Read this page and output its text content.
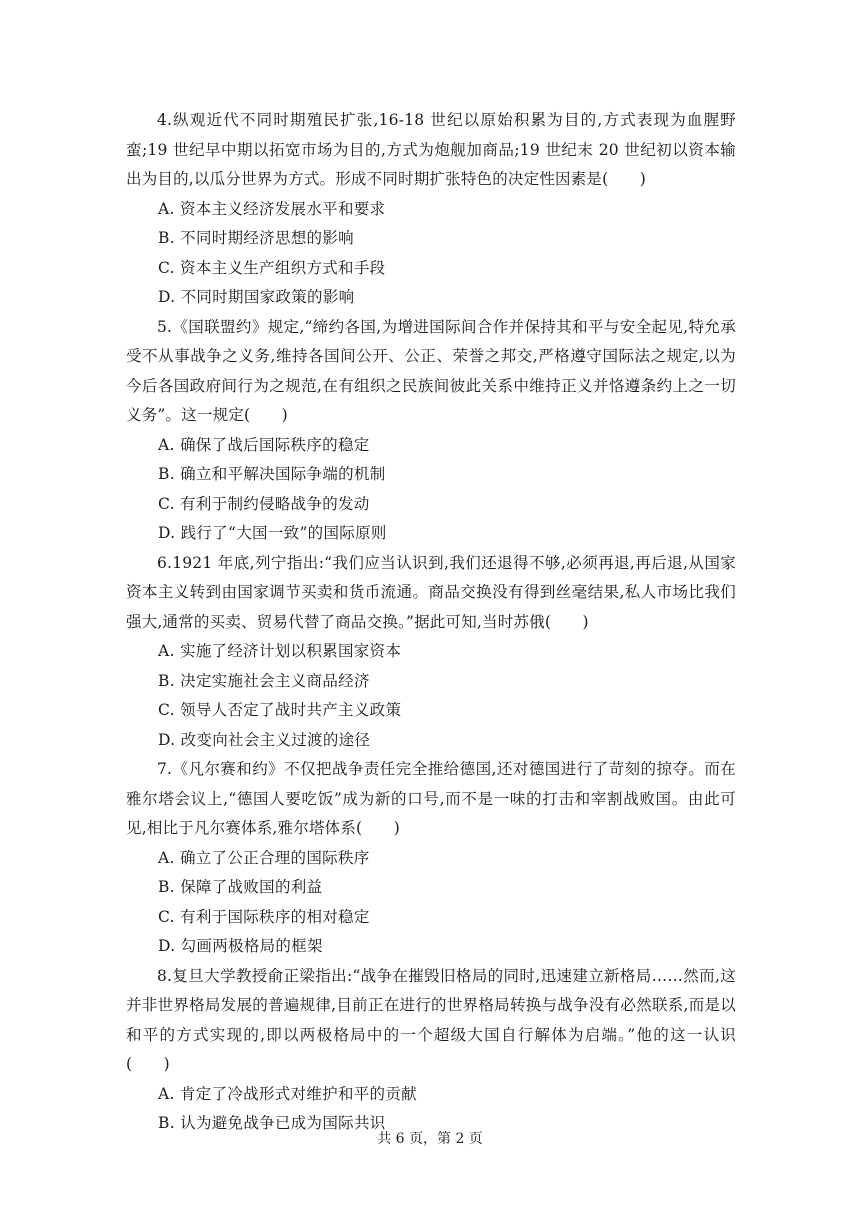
4.纵观近代不同时期殖民扩张,16-18 世纪以原始积累为目的,方式表现为血腥野蛮;19 世纪早中期以拓宽市场为目的,方式为炮舰加商品;19 世纪末 20 世纪初以资本输出为目的,以瓜分世界为方式。形成不同时期扩张特色的决定性因素是(　　)

A. 资本主义经济发展水平和要求
B. 不同时期经济思想的影响
C. 资本主义生产组织方式和手段
D. 不同时期国家政策的影响

5.《国联盟约》规定,“缔约各国,为增进国际间合作并保持其和平与安全起见,特允承受不从事战争之义务,维持各国间公开、公正、荣誉之邦交,严格遵守国际法之规定,以为今后各国政府间行为之规范,在有组织之民族间彼此关系中维持正义并恪遵条约上之一切义务”。这一规定(　　)

A. 确保了战后国际秩序的稳定
B. 确立和平解决国际争端的机制
C. 有利于制约侵略战争的发动
D. 践行了“大国一致”的国际原则

6.1921 年底,列宁指出:“我们应当认识到,我们还退得不够,必须再退,再后退,从国家资本主义转到由国家调节买卖和货币流通。商品交换没有得到丝毫结果,私人市场比我们强大,通常的买卖、贸易代替了商品交换。”据此可知,当时苏俄(　　)

A. 实施了经济计划以积累国家资本
B. 决定实施社会主义商品经济
C. 领导人否定了战时共产主义政策
D. 改变向社会主义过渡的途径

7.《凡尔赛和约》不仅把战争责任完全推给德国,还对德国进行了苛刻的掠夺。而在雅尔塔会议上,“德国人要吃饭”成为新的口号,而不是一味的打击和宰割战败国。由此可见,相比于凡尔赛体系,雅尔塔体系(　　)

A. 确立了公正合理的国际秩序
B. 保障了战败国的利益
C. 有利于国际秩序的相对稳定
D. 勾画两极格局的框架

8.复旦大学教授俞正梁指出:“战争在摧毁旧格局的同时,迅速建立新格局……然而,这并非世界格局发展的普遍规律,目前正在进行的世界格局转换与战争没有必然联系,而是以和平的方式实现的,即以两极格局中的一个超级大国自行解体为启端。”他的这一认识(　　)

A. 肯定了冷战形式对维护和平的贡献
B. 认为避免战争已成为国际共识
共 6 页，第 2 页
